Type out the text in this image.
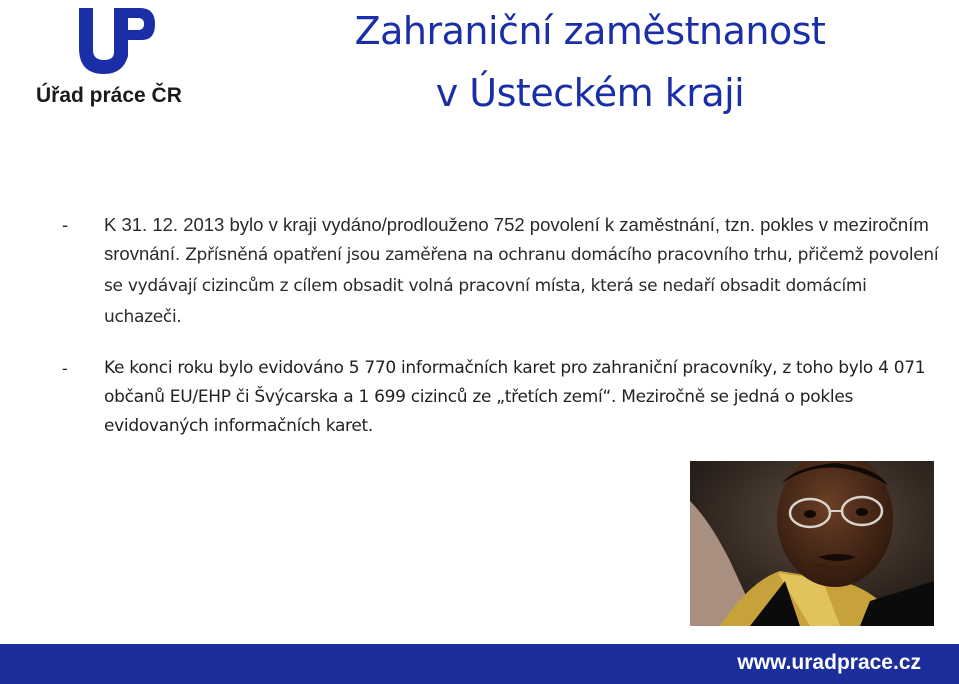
Úřad práce ČR
Zahraniční zaměstnanost
v Ústeckém kraji
- K 31. 12. 2013 bylo v kraji vydáno/prodlouženo 752 povolení k zaměstnání, tzn. pokles v meziročním srovnání. Zpřísněná opatření jsou zaměřena na ochranu domácího pracovního trhu, přičemž povolení se vydávají cizincům z cílem obsadit volná pracovní místa, která se nedaří obsadit domácími uchazeči.
- Ke konci roku bylo evidováno 5 770 informačních karet pro zahraniční pracovníky, z toho bylo 4 071 občanů EU/EHP či Švýcarska a 1 699 cizinců ze „třetích zemí“. Meziročně se jedná o pokles evidovaných informačních karet.
www.uradprace.cz
